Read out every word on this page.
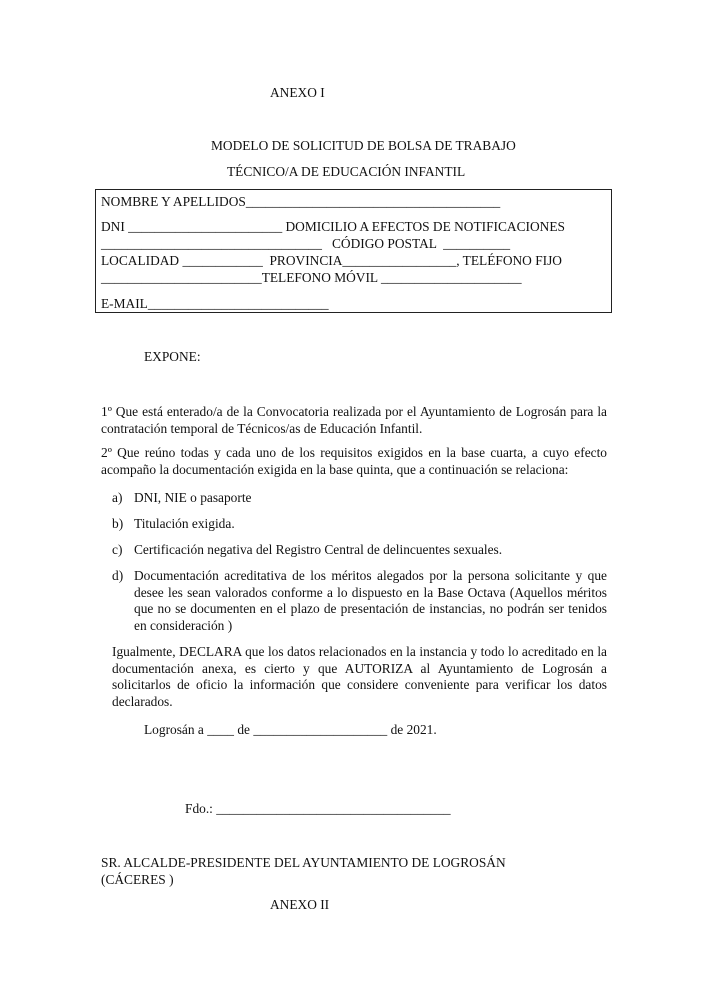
ANEXO I
MODELO DE SOLICITUD DE BOLSA DE TRABAJO
TÉCNICO/A DE EDUCACIÓN INFANTIL
NOMBRE Y APELLIDOS______________________________________
DNI _______________________ DOMICILIO A EFECTOS DE NOTIFICACIONES
_________________________________   CÓDIGO POSTAL  __________
LOCALIDAD ____________  PROVINCIA_________________, TELÉFONO FIJO
________________________TELEFONO MÓVIL _____________________
E-MAIL___________________________
EXPONE:
1º Que está enterado/a de la Convocatoria realizada por el Ayuntamiento de Logrosán para la contratación temporal de Técnicos/as de Educación Infantil.
2º Que reúno todas y cada uno de los requisitos exigidos en la base cuarta, a cuyo efecto acompaño la documentación exigida en la base quinta, que a continuación se relaciona:
a) DNI, NIE o pasaporte
b) Titulación exigida.
c) Certificación negativa del Registro Central de delincuentes sexuales.
d) Documentación acreditativa de los méritos alegados por la persona solicitante y que desee les sean valorados conforme a lo dispuesto en la Base Octava (Aquellos méritos que no se documenten en el plazo de presentación de instancias, no podrán ser tenidos en consideración )
Igualmente, DECLARA que los datos relacionados en la instancia y todo lo acreditado en la documentación anexa, es cierto y que AUTORIZA al Ayuntamiento de Logrosán a solicitarlos de oficio la información que considere conveniente para verificar los datos declarados.
Logrosán a ____ de ____________________ de 2021.
Fdo.: ___________________________________
SR. ALCALDE-PRESIDENTE DEL AYUNTAMIENTO DE LOGROSÁN
(CÁCERES )
ANEXO II
